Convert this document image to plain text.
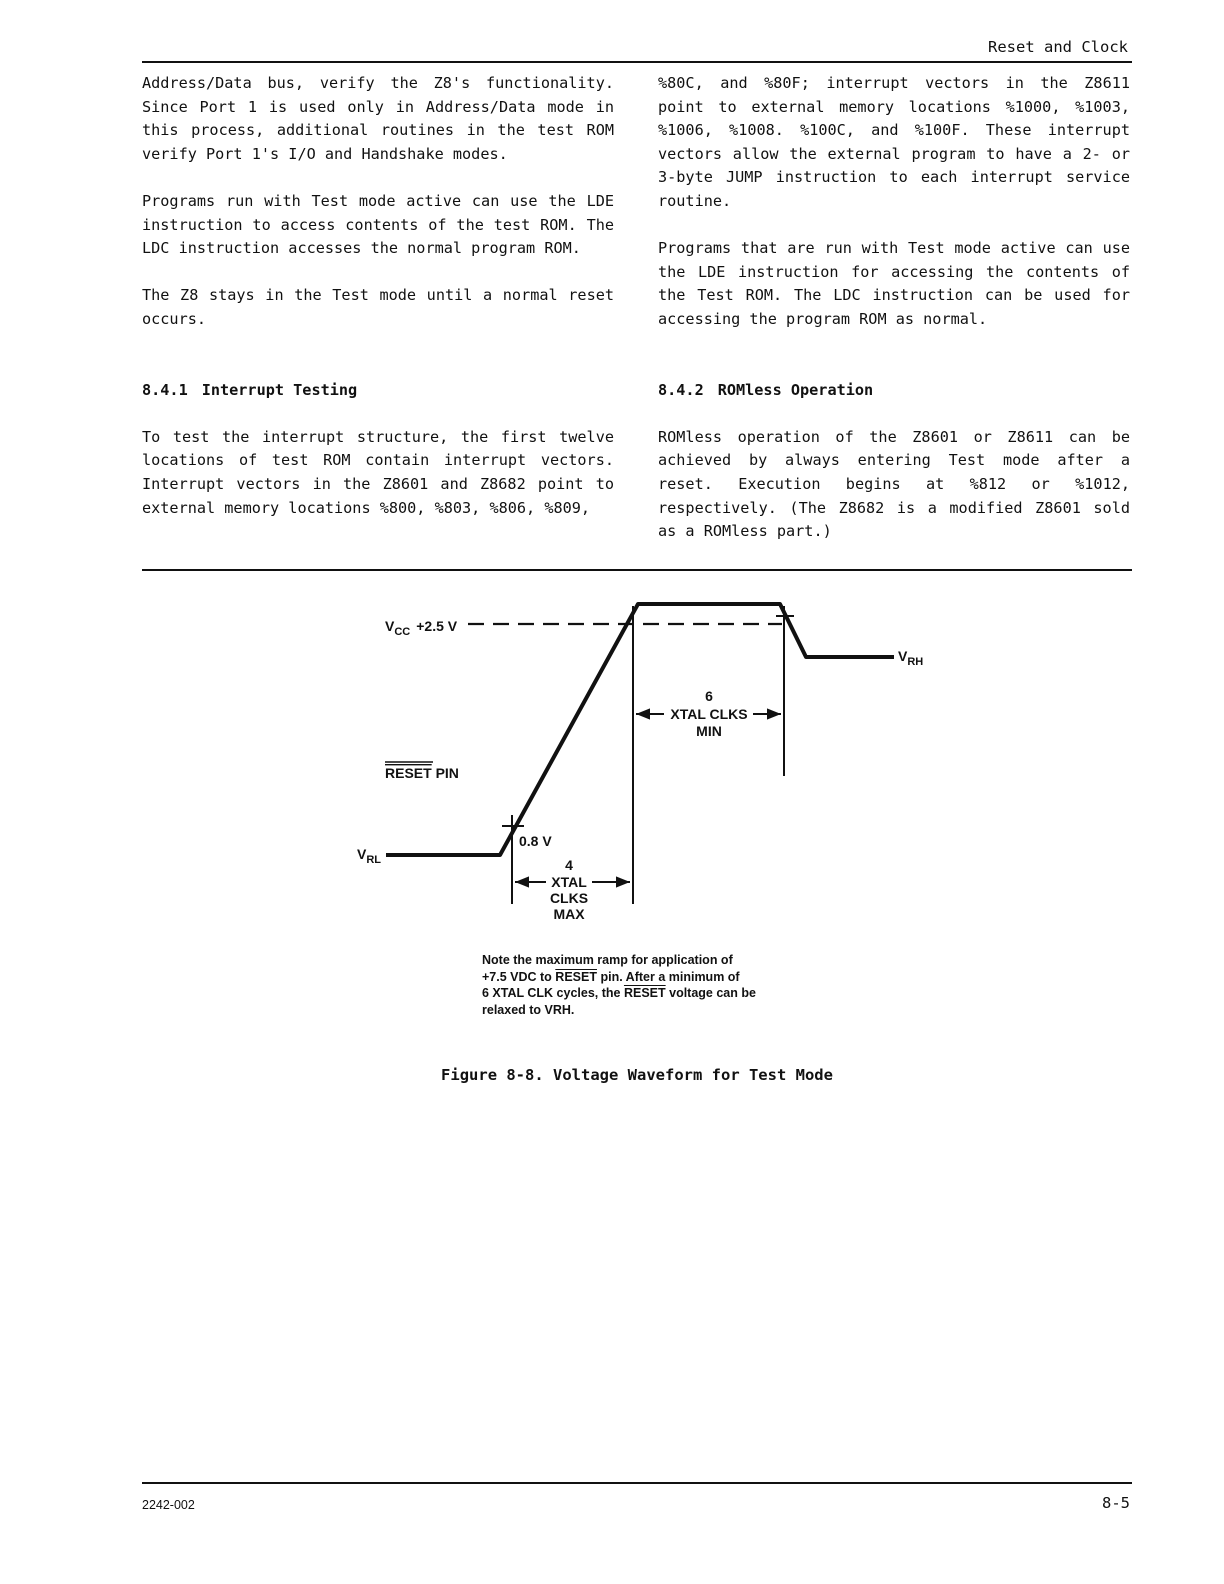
Reset and Clock

Address/Data bus, verify the Z8's functionality. Since Port 1 is used only in Address/Data mode in this process, additional routines in the test ROM verify Port 1's I/O and Handshake modes.

Programs run with Test mode active can use the LDE instruction to access contents of the test ROM. The LDC instruction accesses the normal program ROM.

The Z8 stays in the Test mode until a normal reset occurs.

8.4.1 Interrupt Testing

To test the interrupt structure, the first twelve locations of test ROM contain interrupt vectors. Interrupt vectors in the Z8601 and Z8682 point to external memory locations %800, %803, %806, %809,

%80C, and %80F; interrupt vectors in the Z8611 point to external memory locations %1000, %1003, %1006, %1008. %100C, and %100F. These interrupt vectors allow the external program to have a 2- or 3-byte JUMP instruction to each interrupt service routine.

Programs that are run with Test mode active can use the LDE instruction for accessing the contents of the Test ROM. The LDC instruction can be used for accessing the program ROM as normal.

8.4.2 ROMless Operation

ROMless operation of the Z8601 or Z8611 can be achieved by always entering Test mode after a reset. Execution begins at %812 or %1012, respectively. (The Z8682 is a modified Z8601 sold as a ROMless part.)

$V_{CC} +2.5$ V
$V_{RH}$
$V_{RL}$
RESET PIN
0.8 V
6
XTAL CLKS
MIN
4
XTAL
CLKS
MAX
Note the maximum ramp for application of
+7.5 VDC to RESET pin. After a minimum of
6 XTAL CLK cycles, the RESET voltage can be
relaxed to VRH.
Figure 8-8. Voltage Waveform for Test Mode
2242-002	8-5
